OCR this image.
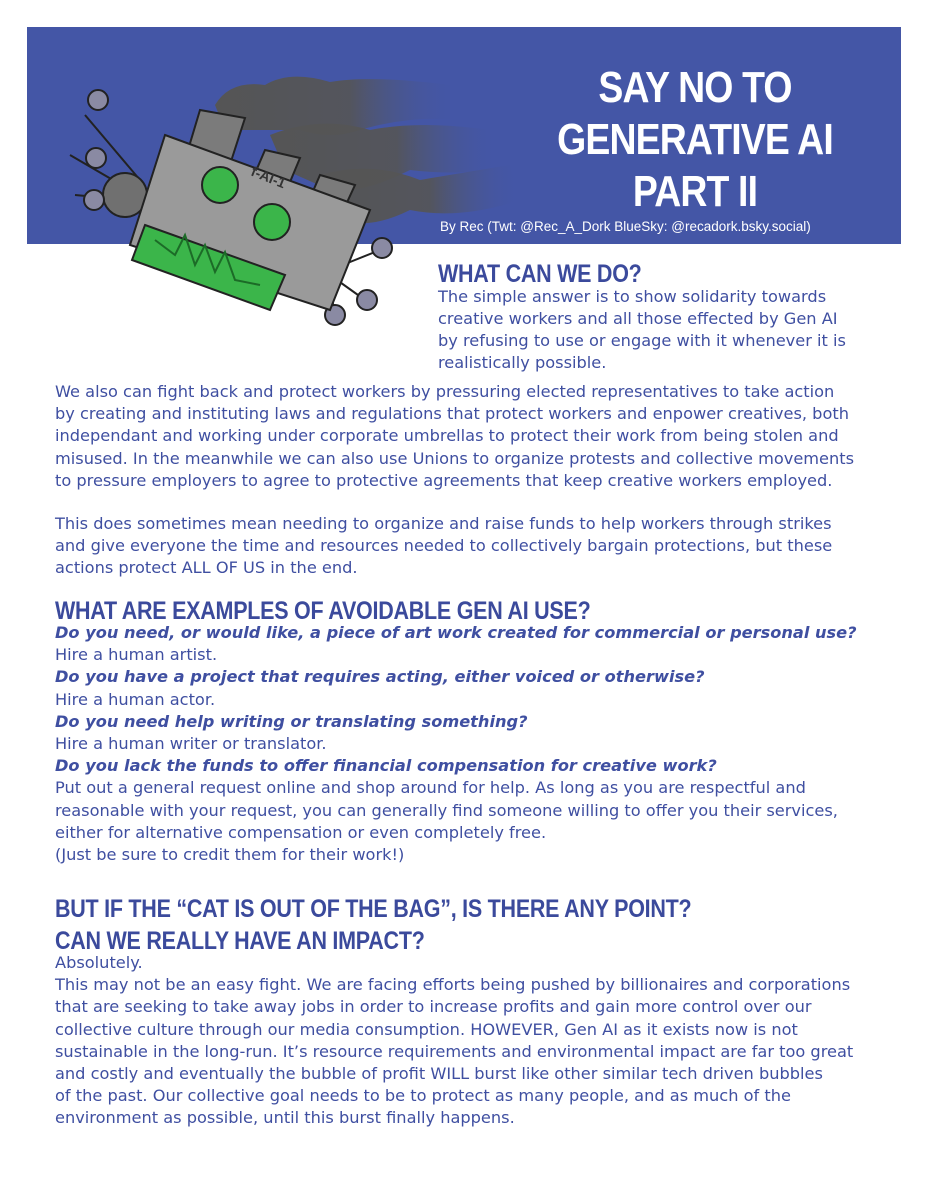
f-AI-1
SAY NO TO
GENERATIVE AI
PART II
By Rec (Twt: @Rec_A_Dork BlueSky: @recadork.bsky.social)
WHAT CAN WE DO?
The simple answer is to show solidarity towards
creative workers and all those effected by Gen AI
by refusing to use or engage with it whenever it is
realistically possible.
We also can fight back and protect workers by pressuring elected representatives to take action
by creating and instituting laws and regulations that protect workers and enpower creatives, both
independant and working under corporate umbrellas to protect their work from being stolen and
misused. In the meanwhile we can also use Unions to organize protests and collective movements
to pressure employers to agree to protective agreements that keep creative workers employed.
This does sometimes mean needing to organize and raise funds to help workers through strikes
and give everyone the time and resources needed to collectively bargain protections, but these
actions protect ALL OF US in the end.
WHAT ARE EXAMPLES OF AVOIDABLE GEN AI USE?
Do you need, or would like, a piece of art work created for commercial or personal use?
Hire a human artist.
Do you have a project that requires acting, either voiced or otherwise?
Hire a human actor.
Do you need help writing or translating something?
Hire a human writer or translator.
Do you lack the funds to offer financial compensation for creative work?
Put out a general request online and shop around for help. As long as you are respectful and
reasonable with your request, you can generally find someone willing to offer you their services,
either for alternative compensation or even completely free.
(Just be sure to credit them for their work!)
BUT IF THE “CAT IS OUT OF THE BAG”, IS THERE ANY POINT?
CAN WE REALLY HAVE AN IMPACT?
Absolutely.
This may not be an easy fight. We are facing efforts being pushed by billionaires and corporations
that are seeking to take away jobs in order to increase profits and gain more control over our
collective culture through our media consumption. HOWEVER, Gen AI as it exists now is not
sustainable in the long-run. It’s resource requirements and environmental impact are far too great
and costly and eventually the bubble of profit WILL burst like other similar tech driven bubbles
of the past. Our collective goal needs to be to protect as many people, and as much of the
environment as possible, until this burst finally happens.
